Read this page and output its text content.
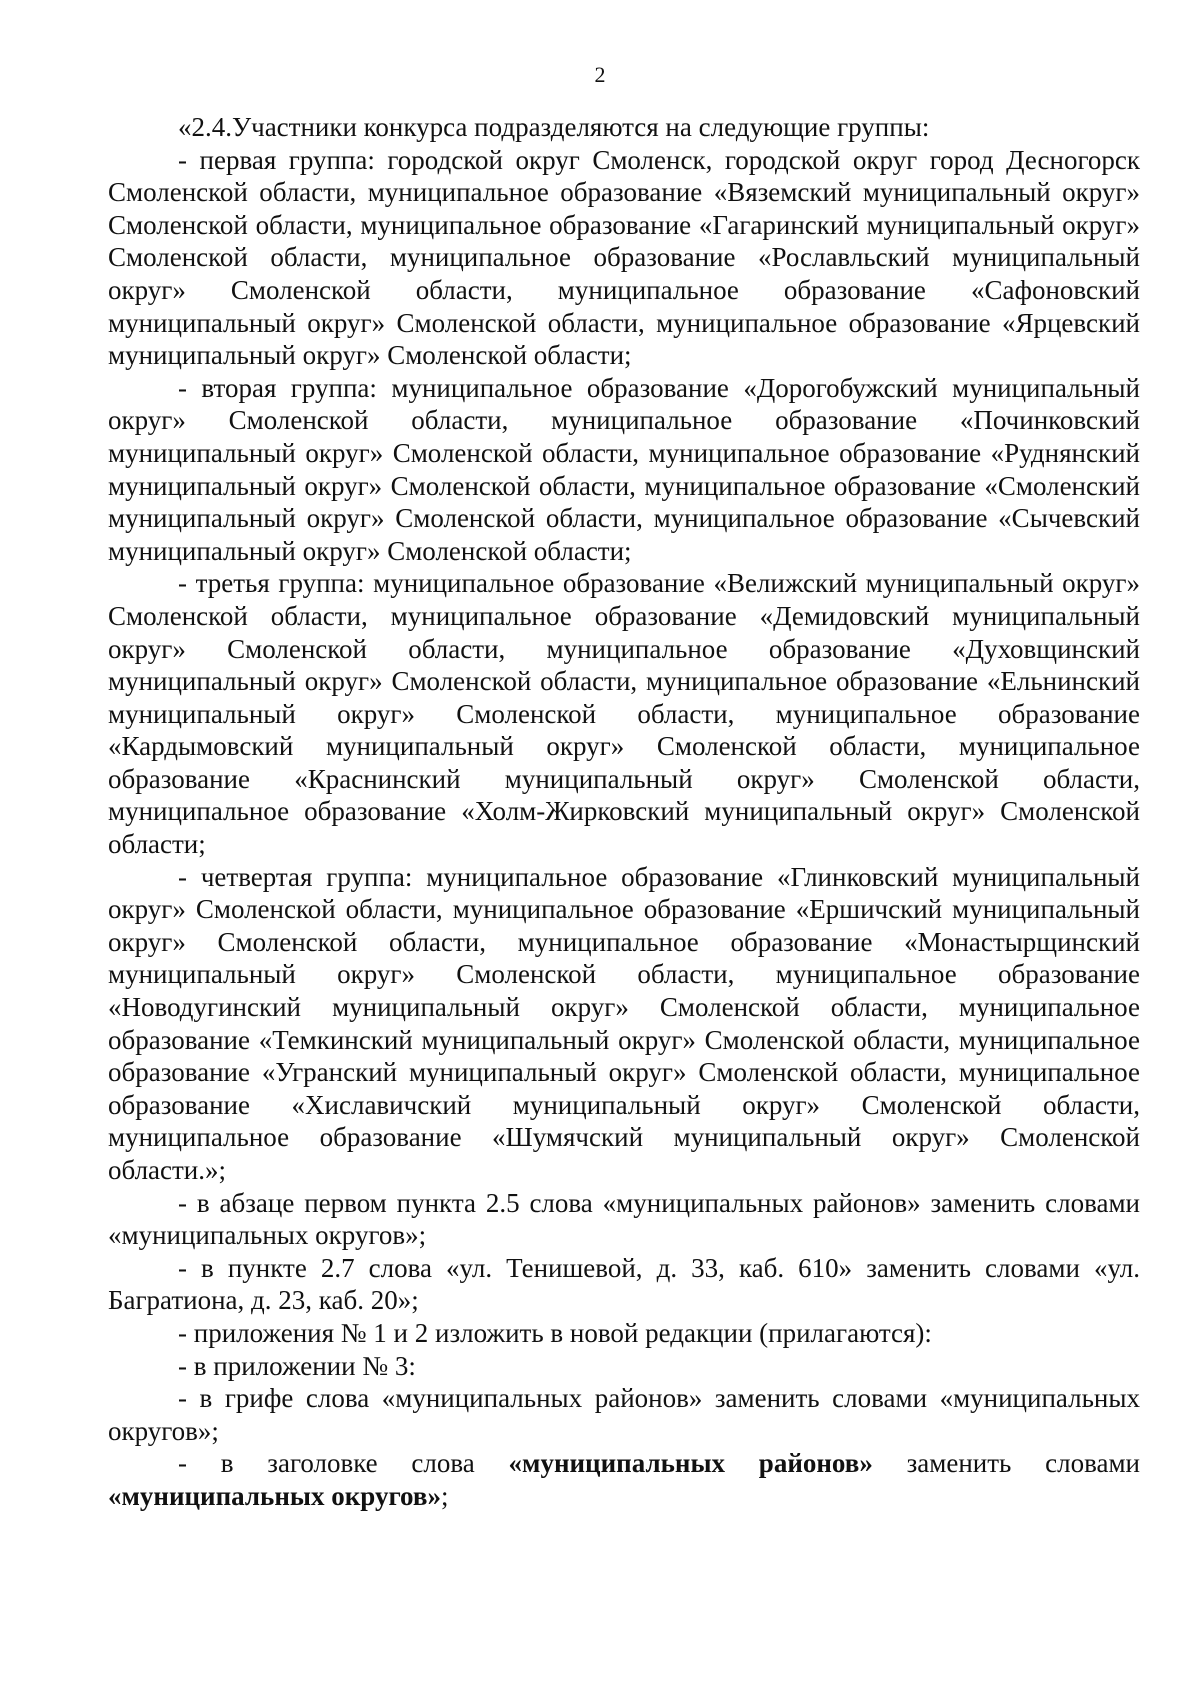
2

«2.4.Участники конкурса подразделяются на следующие группы:

- первая группа: городской округ Смоленск, городской округ город Десногорск Смоленской области, муниципальное образование «Вяземский муниципальный округ» Смоленской области, муниципальное образование «Гагаринский муниципальный округ» Смоленской области, муниципальное образование «Рославльский муниципальный округ» Смоленской области, муниципальное образование «Сафоновский муниципальный округ» Смоленской области, муниципальное образование «Ярцевский муниципальный округ» Смоленской области;

- вторая группа: муниципальное образование «Дорогобужский муниципальный округ» Смоленской области, муниципальное образование «Починковский муниципальный округ» Смоленской области, муниципальное образование «Руднянский муниципальный округ» Смоленской области, муниципальное образование «Смоленский муниципальный округ» Смоленской области, муниципальное образование «Сычевский муниципальный округ» Смоленской области;

- третья группа: муниципальное образование «Велижский муниципальный округ» Смоленской области, муниципальное образование «Демидовский муниципальный округ» Смоленской области, муниципальное образование «Духовщинский муниципальный округ» Смоленской области, муниципальное образование «Ельнинский муниципальный округ» Смоленской области, муниципальное образование «Кардымовский муниципальный округ» Смоленской области, муниципальное образование «Краснинский муниципальный округ» Смоленской области, муниципальное образование «Холм-Жирковский муниципальный округ» Смоленской области;

- четвертая группа: муниципальное образование «Глинковский муниципальный округ» Смоленской области, муниципальное образование «Ершичский муниципальный округ» Смоленской области, муниципальное образование «Монастырщинский муниципальный округ» Смоленской области, муниципальное образование «Новодугинский муниципальный округ» Смоленской области, муниципальное образование «Темкинский муниципальный округ» Смоленской области, муниципальное образование «Угранский муниципальный округ» Смоленской области, муниципальное образование «Хиславичский муниципальный округ» Смоленской области, муниципальное образование «Шумячский муниципальный округ» Смоленской области.»;

- в абзаце первом пункта 2.5 слова «муниципальных районов» заменить словами «муниципальных округов»;

- в пункте 2.7 слова «ул. Тенишевой, д. 33, каб. 610» заменить словами «ул. Багратиона, д. 23, каб. 20»;

- приложения № 1 и 2 изложить в новой редакции (прилагаются):

- в приложении № 3:

- в грифе слова «муниципальных районов» заменить словами «муниципальных округов»;

- в заголовке слова «муниципальных районов» заменить словами «муниципальных округов»;
